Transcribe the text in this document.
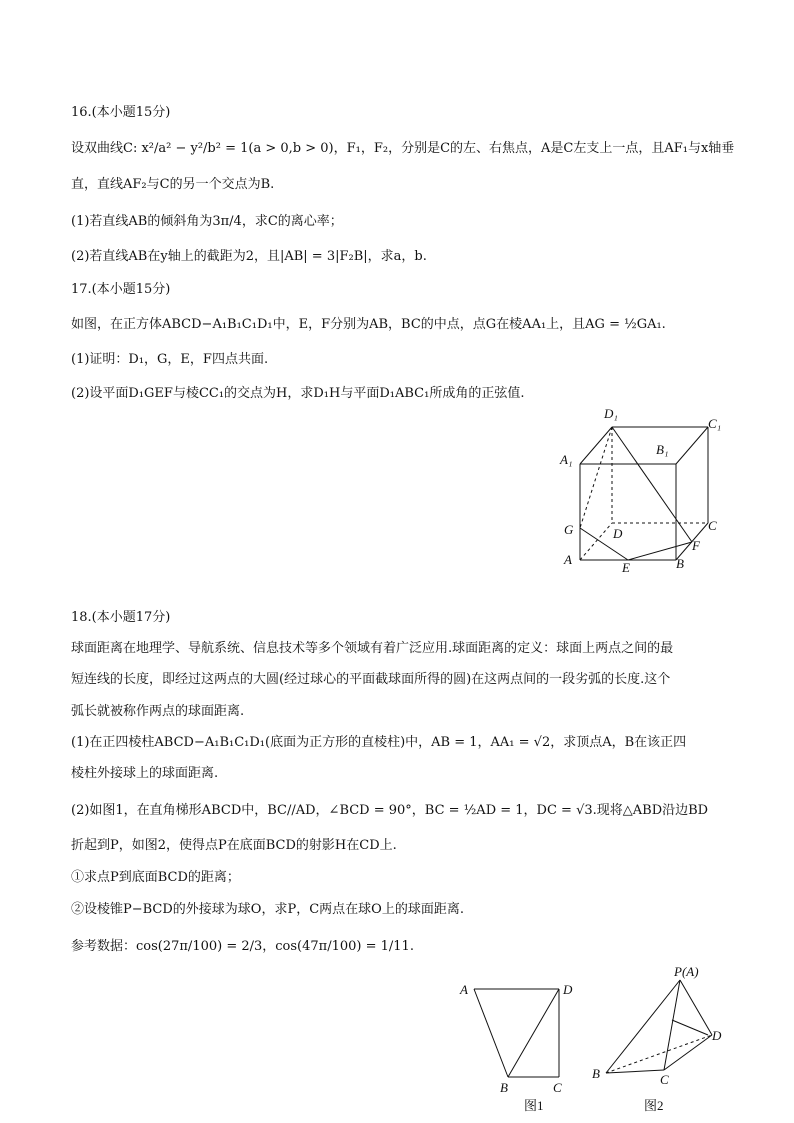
16.(本小题15分)
设双曲线C: x²/a² − y²/b² = 1(a > 0,b > 0)，F₁，F₂，分别是C的左、右焦点，A是C左支上一点，且AF₁与x轴垂
直，直线AF₂与C的另一个交点为B.
(1)若直线AB的倾斜角为3π/4，求C的离心率；
(2)若直线AB在y轴上的截距为2，且|AB| = 3|F₂B|，求a，b.
17.(本小题15分)
如图，在正方体ABCD−A₁B₁C₁D₁中，E，F分别为AB，BC的中点，点G在棱AA₁上，且AG = ½GA₁.
(1)证明：D₁，G，E，F四点共面.
(2)设平面D₁GEF与棱CC₁的交点为H，求D₁H与平面D₁ABC₁所成角的正弦值.
D₁
C₁
A₁
B₁
G	D
C
F
A
E	B
18.(本小题17分)
球面距离在地理学、导航系统、信息技术等多个领域有着广泛应用.球面距离的定义：球面上两点之间的最
短连线的长度，即经过这两点的大圆(经过球心的平面截球面所得的圆)在这两点间的一段劣弧的长度.这个
弧长就被称作两点的球面距离.
(1)在正四棱柱ABCD−A₁B₁C₁D₁(底面为正方形的直棱柱)中，AB = 1，AA₁ = √2，求顶点A，B在该正四
棱柱外接球上的球面距离.
(2)如图1，在直角梯形ABCD中，BC//AD，∠BCD = 90°，BC = ½AD = 1，DC = √3.现将△ABD沿边BD
折起到P，如图2，使得点P在底面BCD的射影H在CD上.
①求点P到底面BCD的距离；
②设棱锥P−BCD的外接球为球O，求P，C两点在球O上的球面距离.
参考数据：cos(27π/100) = 2/3，cos(47π/100) = 1/11.
A	D
B	C
图1
P(A)
D
B	C
图2
